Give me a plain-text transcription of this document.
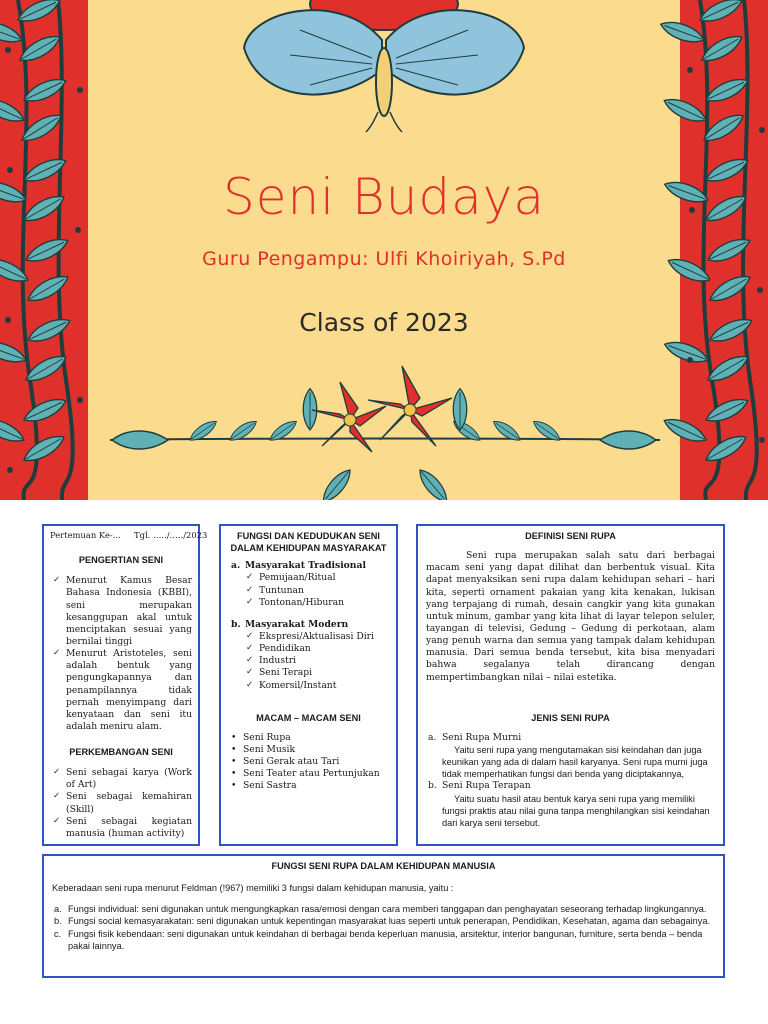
Seni Budaya
Guru Pengampu: Ulfi Khoiriyah, S.Pd
Class of 2023
Pertemuan Ke-...     Tgl. …../…../2023
PENGERTIAN SENI
✓ Menurut Kamus Besar Bahasa Indonesia (KBBI), seni merupakan kesanggupan akal untuk menciptakan sesuai yang bernilai tinggi
✓ Menurut Aristoteles, seni adalah bentuk yang pengungkapannya dan penampilannya tidak pernah menyimpang dari kenyataan dan seni itu adalah meniru alam.
PERKEMBANGAN SENI
✓ Seni sebagai karya (Work of Art)
✓ Seni sebagai kemahiran (Skill)
✓ Seni sebagai kegiatan manusia (human activity)
FUNGSI DAN KEDUDUKAN SENI DALAM KEHIDUPAN MASYARAKAT
a. Masyarakat Tradisional
✓ Pemujaan/Ritual
✓ Tuntunan
✓ Tontonan/Hiburan
b. Masyarakat Modern
✓ Ekspresi/Aktualisasi Diri
✓ Pendidikan
✓ Industri
✓ Seni Terapi
✓ Komersil/Instant
MACAM – MACAM SENI
• Seni Rupa
• Seni Musik
• Seni Gerak atau Tari
• Seni Teater atau Pertunjukan
• Seni Sastra
DEFINISI SENI RUPA
Seni rupa merupakan salah satu dari berbagai macam seni yang dapat dilihat dan berbentuk visual. Kita dapat menyaksikan seni rupa dalam kehidupan sehari – hari kita, seperti ornament pakaian yang kita kenakan, lukisan yang terpajang di rumah, desain cangkir yang kita gunakan untuk minum, gambar yang kita lihat di layar telepon seluler, tayangan di televisi, Gedung – Gedung di perkotaan, alam yang penuh warna dan semua yang tampak dalam kehidupan manusia. Dari semua benda tersebut, kita bisa menyadari bahwa segalanya telah dirancang dengan mempertimbangkan nilai – nilai estetika.
JENIS SENI RUPA
a. Seni Rupa Murni
Yaitu seni rupa yang mengutamakan sisi keindahan dan juga keunikan yang ada di dalam hasil karyanya. Seni rupa murni juga tidak memperhatikan fungsi dari benda yang diciptakannya,
b. Seni Rupa Terapan
Yaitu suatu hasil atau bentuk karya seni rupa yang memiliki fungsi praktis atau nilai guna tanpa menghilangkan sisi keindahan dari karya seni tersebut.
FUNGSI SENI RUPA DALAM KEHIDUPAN MANUSIA
Keberadaan seni rupa menurut Feldman (!967) memiliki 3 fungsi dalam kehidupan manusia, yaitu :
a. Fungsi individual: seni digunakan untuk mengungkapkan rasa/emosi dengan cara memberi tanggapan dan penghayatan seseorang terhadap lingkungannya.
b. Fungsi social kemasyarakatan: seni digunakan untuk kepentingan masyarakat luas seperti untuk penerapan, Pendidikan, Kesehatan, agama dan sebagainya.
c. Fungsi fisik kebendaan: seni digunakan untuk keindahan di berbagai benda keperluan manusia, arsitektur, interior bangunan, furniture, serta benda – benda pakai lainnya.
